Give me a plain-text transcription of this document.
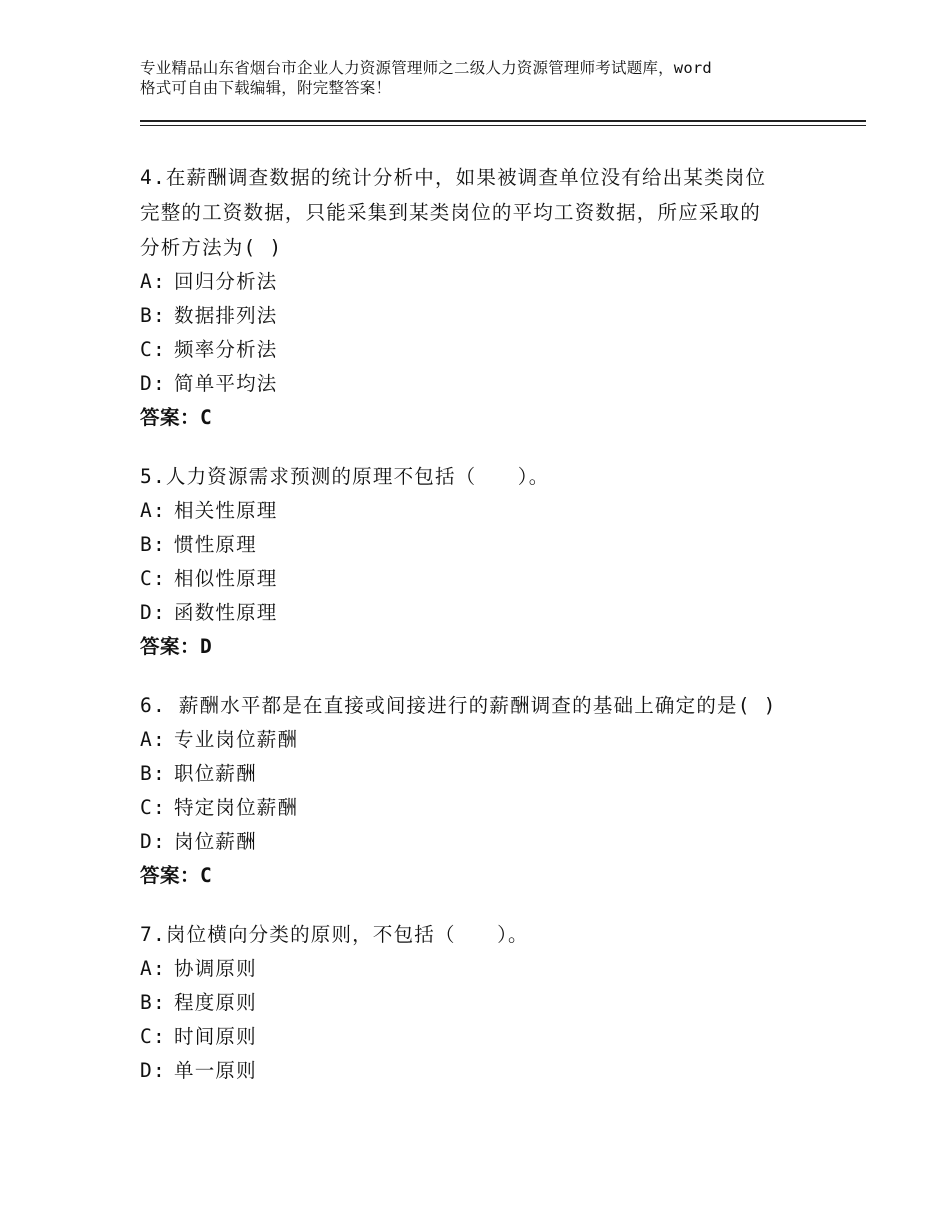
专业精品山东省烟台市企业人力资源管理师之二级人力资源管理师考试题库，word
格式可自由下载编辑，附完整答案！
4.在薪酬调查数据的统计分析中，如果被调查单位没有给出某类岗位
完整的工资数据，只能采集到某类岗位的平均工资数据，所应采取的
分析方法为( )
A: 回归分析法
B: 数据排列法
C: 频率分析法
D: 简单平均法
答案：C
5.人力资源需求预测的原理不包括（　　）。
A: 相关性原理
B: 惯性原理
C: 相似性原理
D: 函数性原理
答案：D
6. 薪酬水平都是在直接或间接进行的薪酬调查的基础上确定的是( )
A: 专业岗位薪酬
B: 职位薪酬
C: 特定岗位薪酬
D: 岗位薪酬
答案：C
7.岗位横向分类的原则，不包括（　　）。
A: 协调原则
B: 程度原则
C: 时间原则
D: 单一原则
